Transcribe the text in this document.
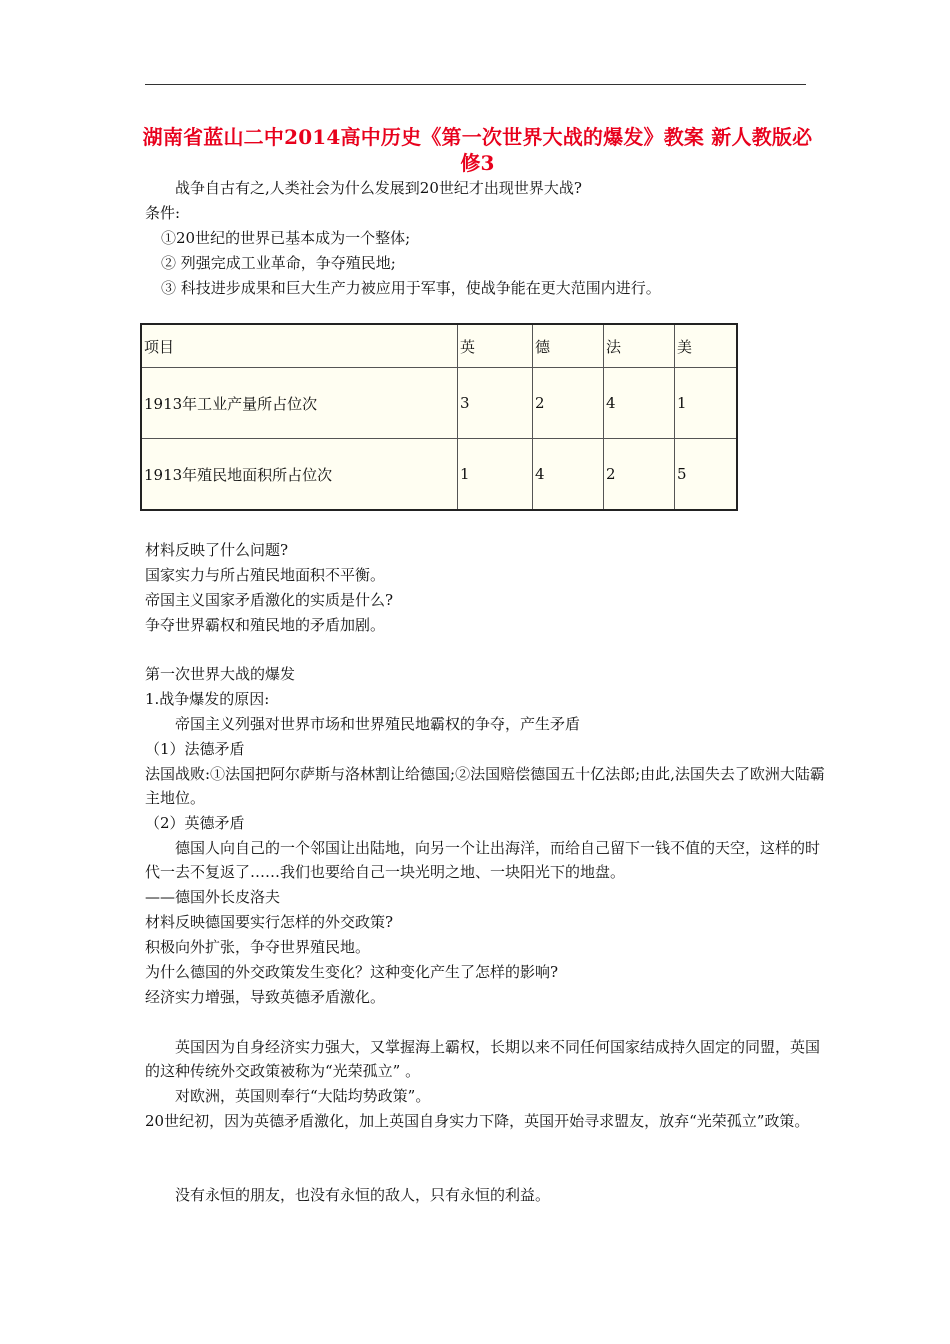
湖南省蓝山二中2014高中历史《第一次世界大战的爆发》教案 新人教版必修3
战争自古有之,人类社会为什么发展到20世纪才出现世界大战?
条件:
①20世纪的世界已基本成为一个整体;
② 列强完成工业革命，争夺殖民地;
③ 科技进步成果和巨大生产力被应用于军事，使战争能在更大范围内进行。
项目	英	德	法	美
1913年工业产量所占位次	3	2	4	1
1913年殖民地面积所占位次	1	4	2	5
材料反映了什么问题?
国家实力与所占殖民地面积不平衡。
帝国主义国家矛盾激化的实质是什么?
争夺世界霸权和殖民地的矛盾加剧。
第一次世界大战的爆发
1.战争爆发的原因:
帝国主义列强对世界市场和世界殖民地霸权的争夺，产生矛盾
（1）法德矛盾
法国战败:①法国把阿尔萨斯与洛林割让给德国;②法国赔偿德国五十亿法郎;由此,法国失去了欧洲大陆霸主地位。
（2）英德矛盾
德国人向自己的一个邻国让出陆地，向另一个让出海洋，而给自己留下一钱不值的天空，这样的时代一去不复返了……我们也要给自己一块光明之地、一块阳光下的地盘。
——德国外长皮洛夫
材料反映德国要实行怎样的外交政策?
积极向外扩张，争夺世界殖民地。
为什么德国的外交政策发生变化？这种变化产生了怎样的影响?
经济实力增强，导致英德矛盾激化。
英国因为自身经济实力强大，又掌握海上霸权，长期以来不同任何国家结成持久固定的同盟，英国的这种传统外交政策被称为“光荣孤立” 。
对欧洲，英国则奉行“大陆均势政策”。
20世纪初，因为英德矛盾激化，加上英国自身实力下降，英国开始寻求盟友，放弃“光荣孤立”政策。
没有永恒的朋友，也没有永恒的敌人，只有永恒的利益。
